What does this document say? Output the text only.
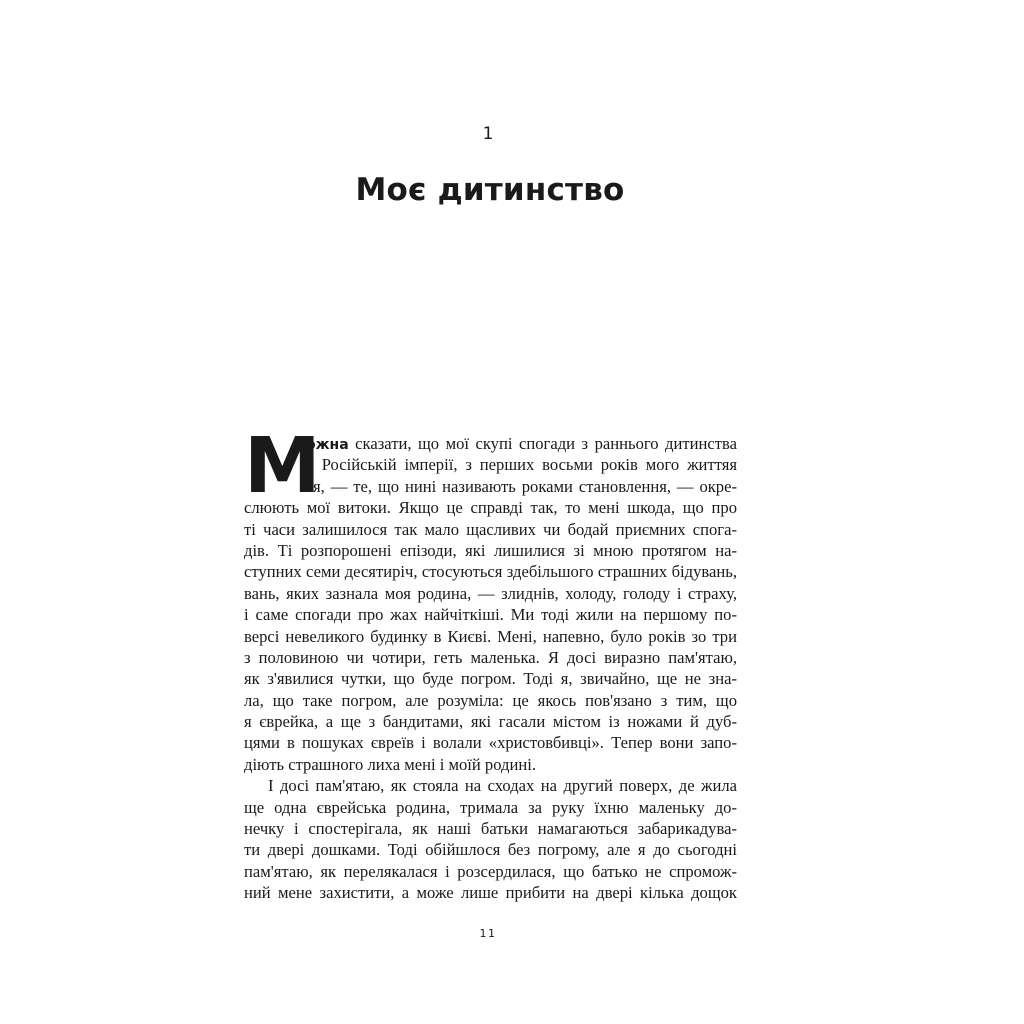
1
Моє дитинство
М
ожна сказати, що мої скупі спогади з раннього дитинства
в Російській імперії, з перших восьми років мого життяя
тя, — те, що нині називають роками становлення, — окре-
слюють мої витоки. Якщо це справді так, то мені шкода, що про
ті часи залишилося так мало щасливих чи бодай приємних спога-
дів. Ті розпорошені епізоди, які лишилися зі мною протягом на-
ступних семи десятиріч, стосуються здебільшого страшних бідувань,
вань, яких зазнала моя родина, — злиднів, холоду, голоду і страху,
і саме спогади про жах найчіткіші. Ми тоді жили на першому по-
версі невеликого будинку в Києві. Мені, напевно, було років зо три
з половиною чи чотири, геть маленька. Я досі виразно пам'ятаю,
як з'явилися чутки, що буде погром. Тоді я, звичайно, ще не зна-
ла, що таке погром, але розуміла: це якось пов'язано з тим, що
я єврейка, а ще з бандитами, які гасали містом із ножами й дуб-
цями в пошуках євреїв і волали «христовбивці». Тепер вони запо-
діють страшного лиха мені і моїй родині.
І досі пам'ятаю, як стояла на сходах на другий поверх, де жила
ще одна єврейська родина, тримала за руку їхню маленьку до-
нечку і спостерігала, як наші батьки намагаються забарикадува-
ти двері дошками. Тоді обійшлося без погрому, але я до сьогодні
пам'ятаю, як перелякалася і розсердилася, що батько не спромож-
ний мене захистити, а може лише прибити на двері кілька дощок
11
